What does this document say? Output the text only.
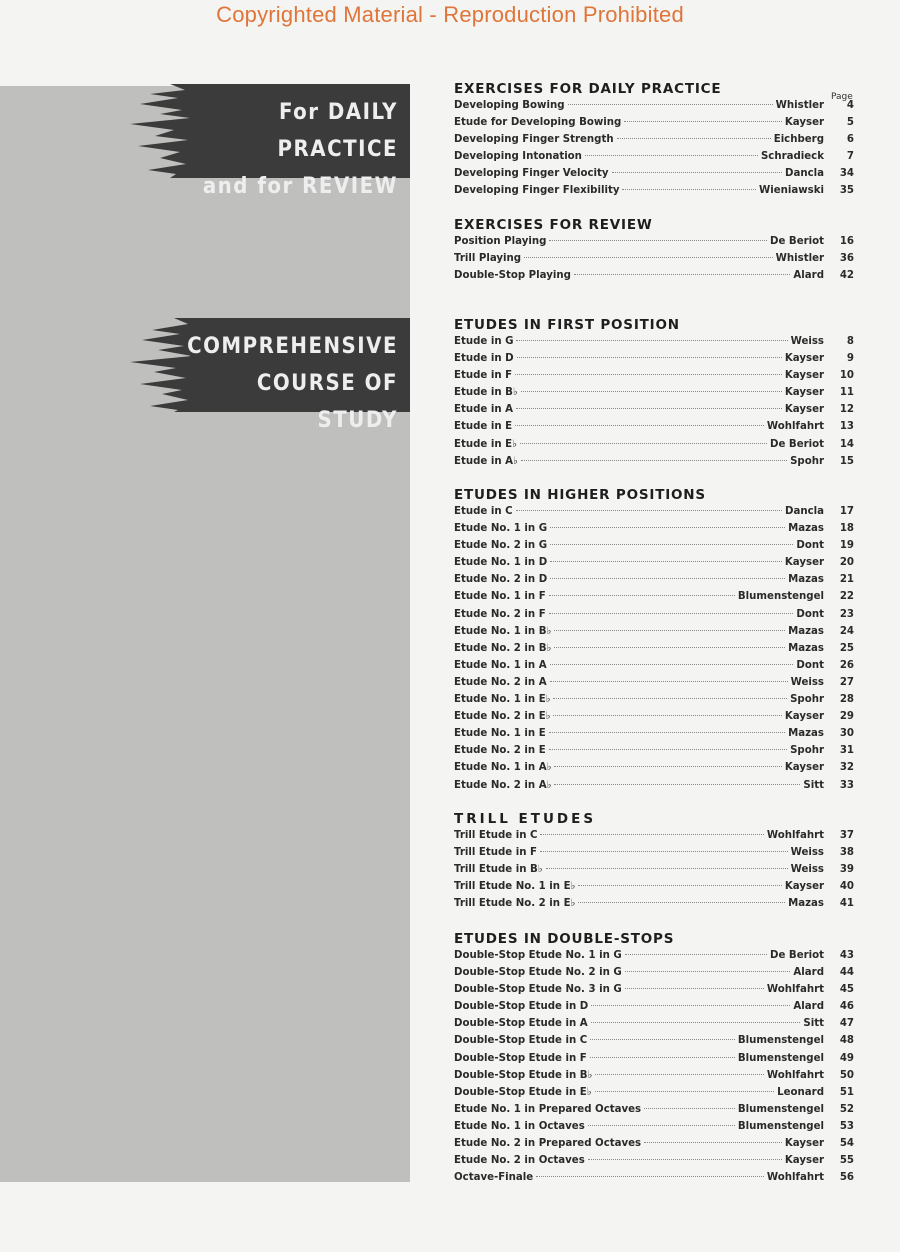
Copyrighted Material - Reproduction Prohibited
For DAILY PRACTICE
and for REVIEW
COMPREHENSIVE
COURSE OF STUDY
Page
EXERCISES FOR DAILY PRACTICE
Developing Bowing	Whistler	4
Etude for Developing Bowing	Kayser	5
Developing Finger Strength	Eichberg	6
Developing Intonation	Schradieck	7
Developing Finger Velocity	Dancla	34
Developing Finger Flexibility	Wieniawski	35
EXERCISES FOR REVIEW
Position Playing	De Beriot	16
Trill Playing	Whistler	36
Double-Stop Playing	Alard	42
ETUDES IN FIRST POSITION
Etude in G	Weiss	8
Etude in D	Kayser	9
Etude in F	Kayser	10
Etude in B♭	Kayser	11
Etude in A	Kayser	12
Etude in E	Wohlfahrt	13
Etude in E♭	De Beriot	14
Etude in A♭	Spohr	15
ETUDES IN HIGHER POSITIONS
Etude in C	Dancla	17
Etude No. 1 in G	Mazas	18
Etude No. 2 in G	Dont	19
Etude No. 1 in D	Kayser	20
Etude No. 2 in D	Mazas	21
Etude No. 1 in F	Blumenstengel	22
Etude No. 2 in F	Dont	23
Etude No. 1 in B♭	Mazas	24
Etude No. 2 in B♭	Mazas	25
Etude No. 1 in A	Dont	26
Etude No. 2 in A	Weiss	27
Etude No. 1 in E♭	Spohr	28
Etude No. 2 in E♭	Kayser	29
Etude No. 1 in E	Mazas	30
Etude No. 2 in E	Spohr	31
Etude No. 1 in A♭	Kayser	32
Etude No. 2 in A♭	Sitt	33
TRILL ETUDES
Trill Etude in C	Wohlfahrt	37
Trill Etude in F	Weiss	38
Trill Etude in B♭	Weiss	39
Trill Etude No. 1 in E♭	Kayser	40
Trill Etude No. 2 in E♭	Mazas	41
ETUDES IN DOUBLE-STOPS
Double-Stop Etude No. 1 in G	De Beriot	43
Double-Stop Etude No. 2 in G	Alard	44
Double-Stop Etude No. 3 in G	Wohlfahrt	45
Double-Stop Etude in D	Alard	46
Double-Stop Etude in A	Sitt	47
Double-Stop Etude in C	Blumenstengel	48
Double-Stop Etude in F	Blumenstengel	49
Double-Stop Etude in B♭	Wohlfahrt	50
Double-Stop Etude in E♭	Leonard	51
Etude No. 1 in Prepared Octaves	Blumenstengel	52
Etude No. 1 in Octaves	Blumenstengel	53
Etude No. 2 in Prepared Octaves	Kayser	54
Etude No. 2 in Octaves	Kayser	55
Octave-Finale	Wohlfahrt	56
